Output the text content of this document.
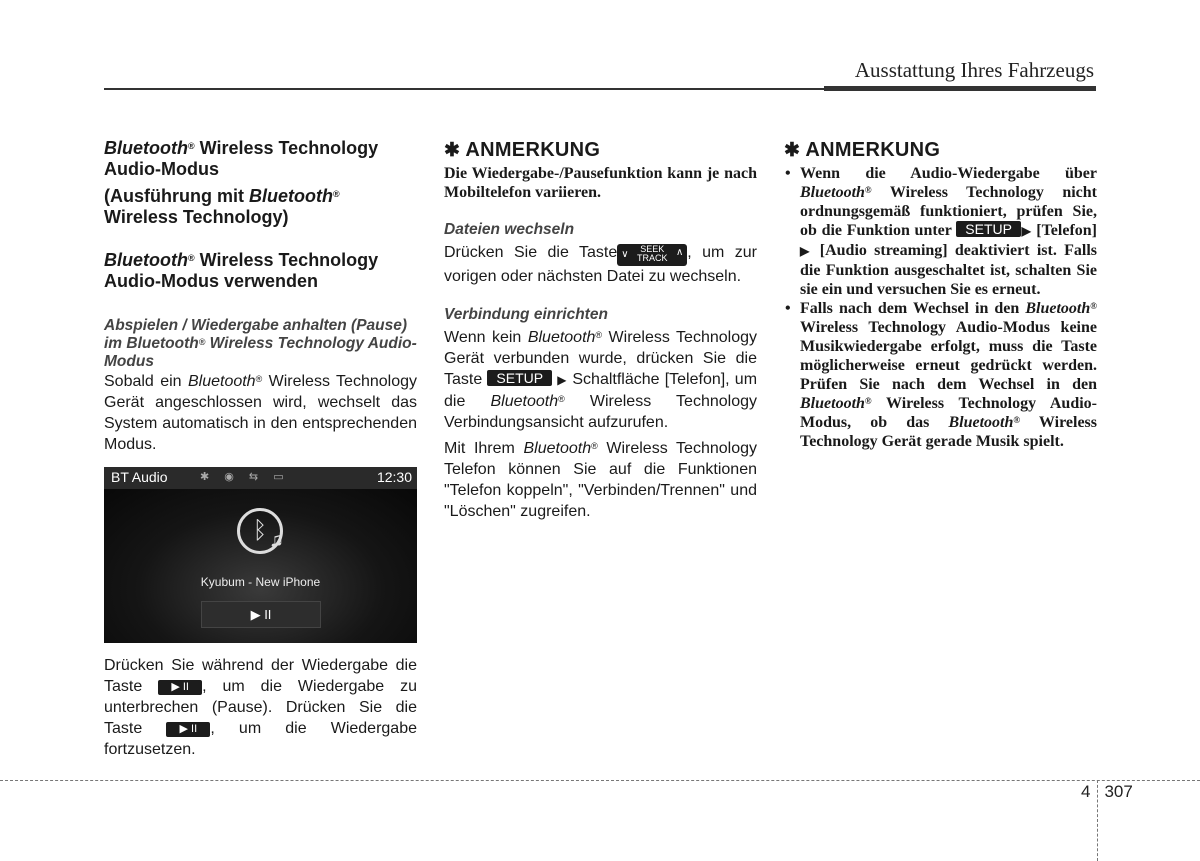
Ausstattung Ihres Fahrzeugs

Bluetooth® Wireless Technology Audio-Modus

(Ausführung mit Bluetooth® Wireless Technology)

Bluetooth® Wireless Technology Audio-Modus verwenden

Abspielen / Wiedergabe anhalten (Pause) im Bluetooth® Wireless Technology Audio-Modus

Sobald ein Bluetooth® Wireless Technology Gerät angeschlossen wird, wechselt das System automatisch in den entsprechenden Modus.

BT Audio	✱ ◉ ⇆ ▭	12:30
ᛒ ♫
Kyubum - New iPhone
▶ II

Drücken Sie während der Wiedergabe die Taste ▶ II , um die Wiedergabe zu unterbrechen (Pause). Drücken Sie die Taste ▶ II , um die Wiedergabe fortzusetzen.

✱ ANMERKUNG

Die Wiedergabe-/Pausefunktion kann je nach Mobiltelefon variieren.

Dateien wechseln

Drücken Sie die Taste ∨	SEEK
TRACK ∧ , um zur vorigen oder nächsten Datei zu wechseln.

Verbindung einrichten

Wenn kein Bluetooth® Wireless Technology Gerät verbunden wurde, drücken Sie die Taste SETUP ▶ Schaltfläche [Telefon], um die Bluetooth® Wireless Technology Verbindungsansicht aufzurufen.

Mit Ihrem Bluetooth® Wireless Technology Telefon können Sie auf die Funktionen "Telefon koppeln", "Verbinden/Trennen" und "Löschen" zugreifen.

✱ ANMERKUNG

• Wenn die Audio-Wiedergabe über Bluetooth® Wireless Technology nicht ordnungsgemäß funktioniert, prüfen Sie, ob die Funktion unter SETUP ▶ [Telefon] ▶ [Audio streaming] deaktiviert ist. Falls die Funktion ausgeschaltet ist, schalten Sie sie ein und versuchen Sie es erneut.
• Falls nach dem Wechsel in den Bluetooth® Wireless Technology Audio-Modus keine Musikwiedergabe erfolgt, muss die Taste möglicherweise erneut gedrückt werden. Prüfen Sie nach dem Wechsel in den Bluetooth® Wireless Technology Audio-Modus, ob das Bluetooth® Wireless Technology Gerät gerade Musik spielt.
4 307
